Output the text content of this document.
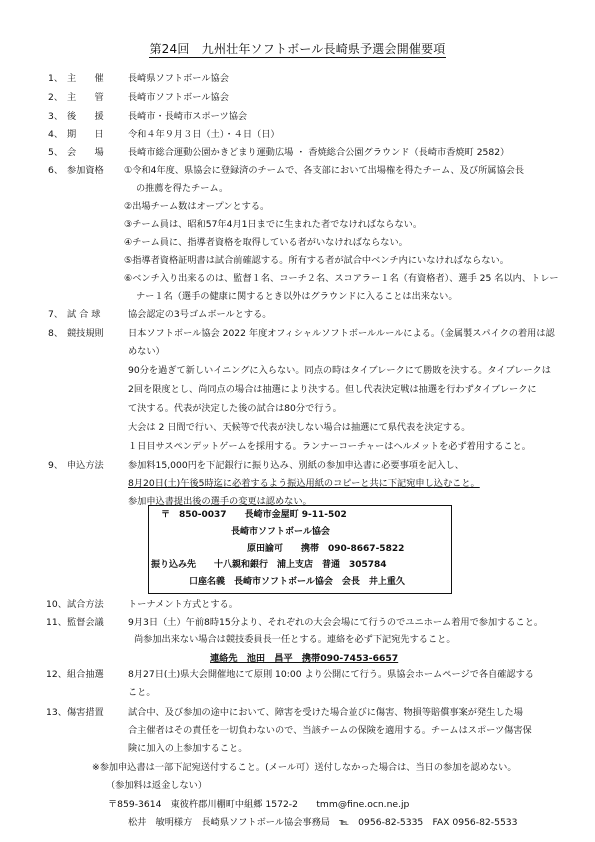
第24回　九州壮年ソフトボール長崎県予選会開催要項
1、 主　　催	長崎県ソフトボール協会
2、 主　　管	長崎市ソフトボール協会
3、 後　　援	長崎市・長崎市スポーツ協会
4、 期　　日	令和４年９月３日（土）・４日（日）
5、 会　　場	長崎市総合運動公園かきどまり運動広場 ・ 香焼総合公園グラウンド（長崎市香焼町 2582）
6、 参加資格	①令和4年度、県協会に登録済のチームで、各支部において出場権を得たチーム、及び所属協会長
の推薦を得たチーム。
②出場チーム数はオープンとする。
③チーム員は、昭和57年4月1日までに生まれた者でなければならない。
④チーム員に、指導者資格を取得している者がいなければならない。
⑤指導者資格証明書は試合前確認する。所有する者が試合中ベンチ内にいなければならない。
⑥ベンチ入り出来るのは、監督１名、コーチ２名、スコアラー１名（有資格者）、選手 25 名以内、トレー
ナー１名（選手の健康に関するとき以外はグラウンドに入ることは出来ない。
7、 試 合 球	協会認定の3号ゴムボールとする。
8、 競技規則	日本ソフトボール協会 2022 年度オフィシャルソフトボールルールによる。（金属製スパイクの着用は認
めない）
90分を過ぎて新しいイニングに入らない。同点の時はタイブレークにて勝敗を決する。タイブレークは
2回を限度とし、尚同点の場合は抽選により決する。但し代表決定戦は抽選を行わずタイブレークに
て決する。代表が決定した後の試合は80分で行う。
大会は 2 日間で行い、天候等で代表が決しない場合は抽選にて県代表を決定する。
１日目サスペンデットゲームを採用する。ランナーコーチャーはヘルメットを必ず着用すること。
9、 申込方法	参加料15,000円を下記銀行に振り込み、別紙の参加申込書に必要事項を記入し、
8月20日(土)午後5時迄に必着するよう振込用紙のコピーと共に下記宛申し込むこと。
参加申込書提出後の選手の変更は認めない。
〒　850-0037　　長崎市金屋町 9-11-502
長崎市ソフトボール協会
原田諭可　　携帯　090-8667-5822
振り込み先　　十八親和銀行　浦上支店　普通　305784
口座名義　長崎市ソフトボール協会　会長　井上重久
10、 試合方法	トーナメント方式とする。
11、 監督会議	9月3日（土）午前8時15分より、それぞれの大会会場にて行うのでユニホーム着用で参加すること。
尚参加出来ない場合は競技委員長一任とする。連絡を必ず下記宛先すること。
連絡先　池田　昌平　携帯090-7453-6657
12、 組合抽選	8月27日(土)県大会開催地にて原則 10:00 より公開にて行う。県協会ホームページで各自確認する
こと。
13、 傷害措置	試合中、及び参加の途中において、障害を受けた場合並びに傷害、物損等賠償事案が発生した場
合主催者はその責任を一切負わないので、当該チームの保険を適用する。チームはスポーツ傷害保
険に加入の上参加すること。
※参加申込書は一部下記宛送付すること。(メール可）送付しなかった場合は、当日の参加を認めない。
（参加料は返金しない）
〒859-3614　東彼杵郡川棚町中組郷 1572-2　　tmm@fine.ocn.ne.jp
松井　敏明様方　長崎県ソフトボール協会事務局　℡　0956-82-5335　FAX 0956-82-5533
